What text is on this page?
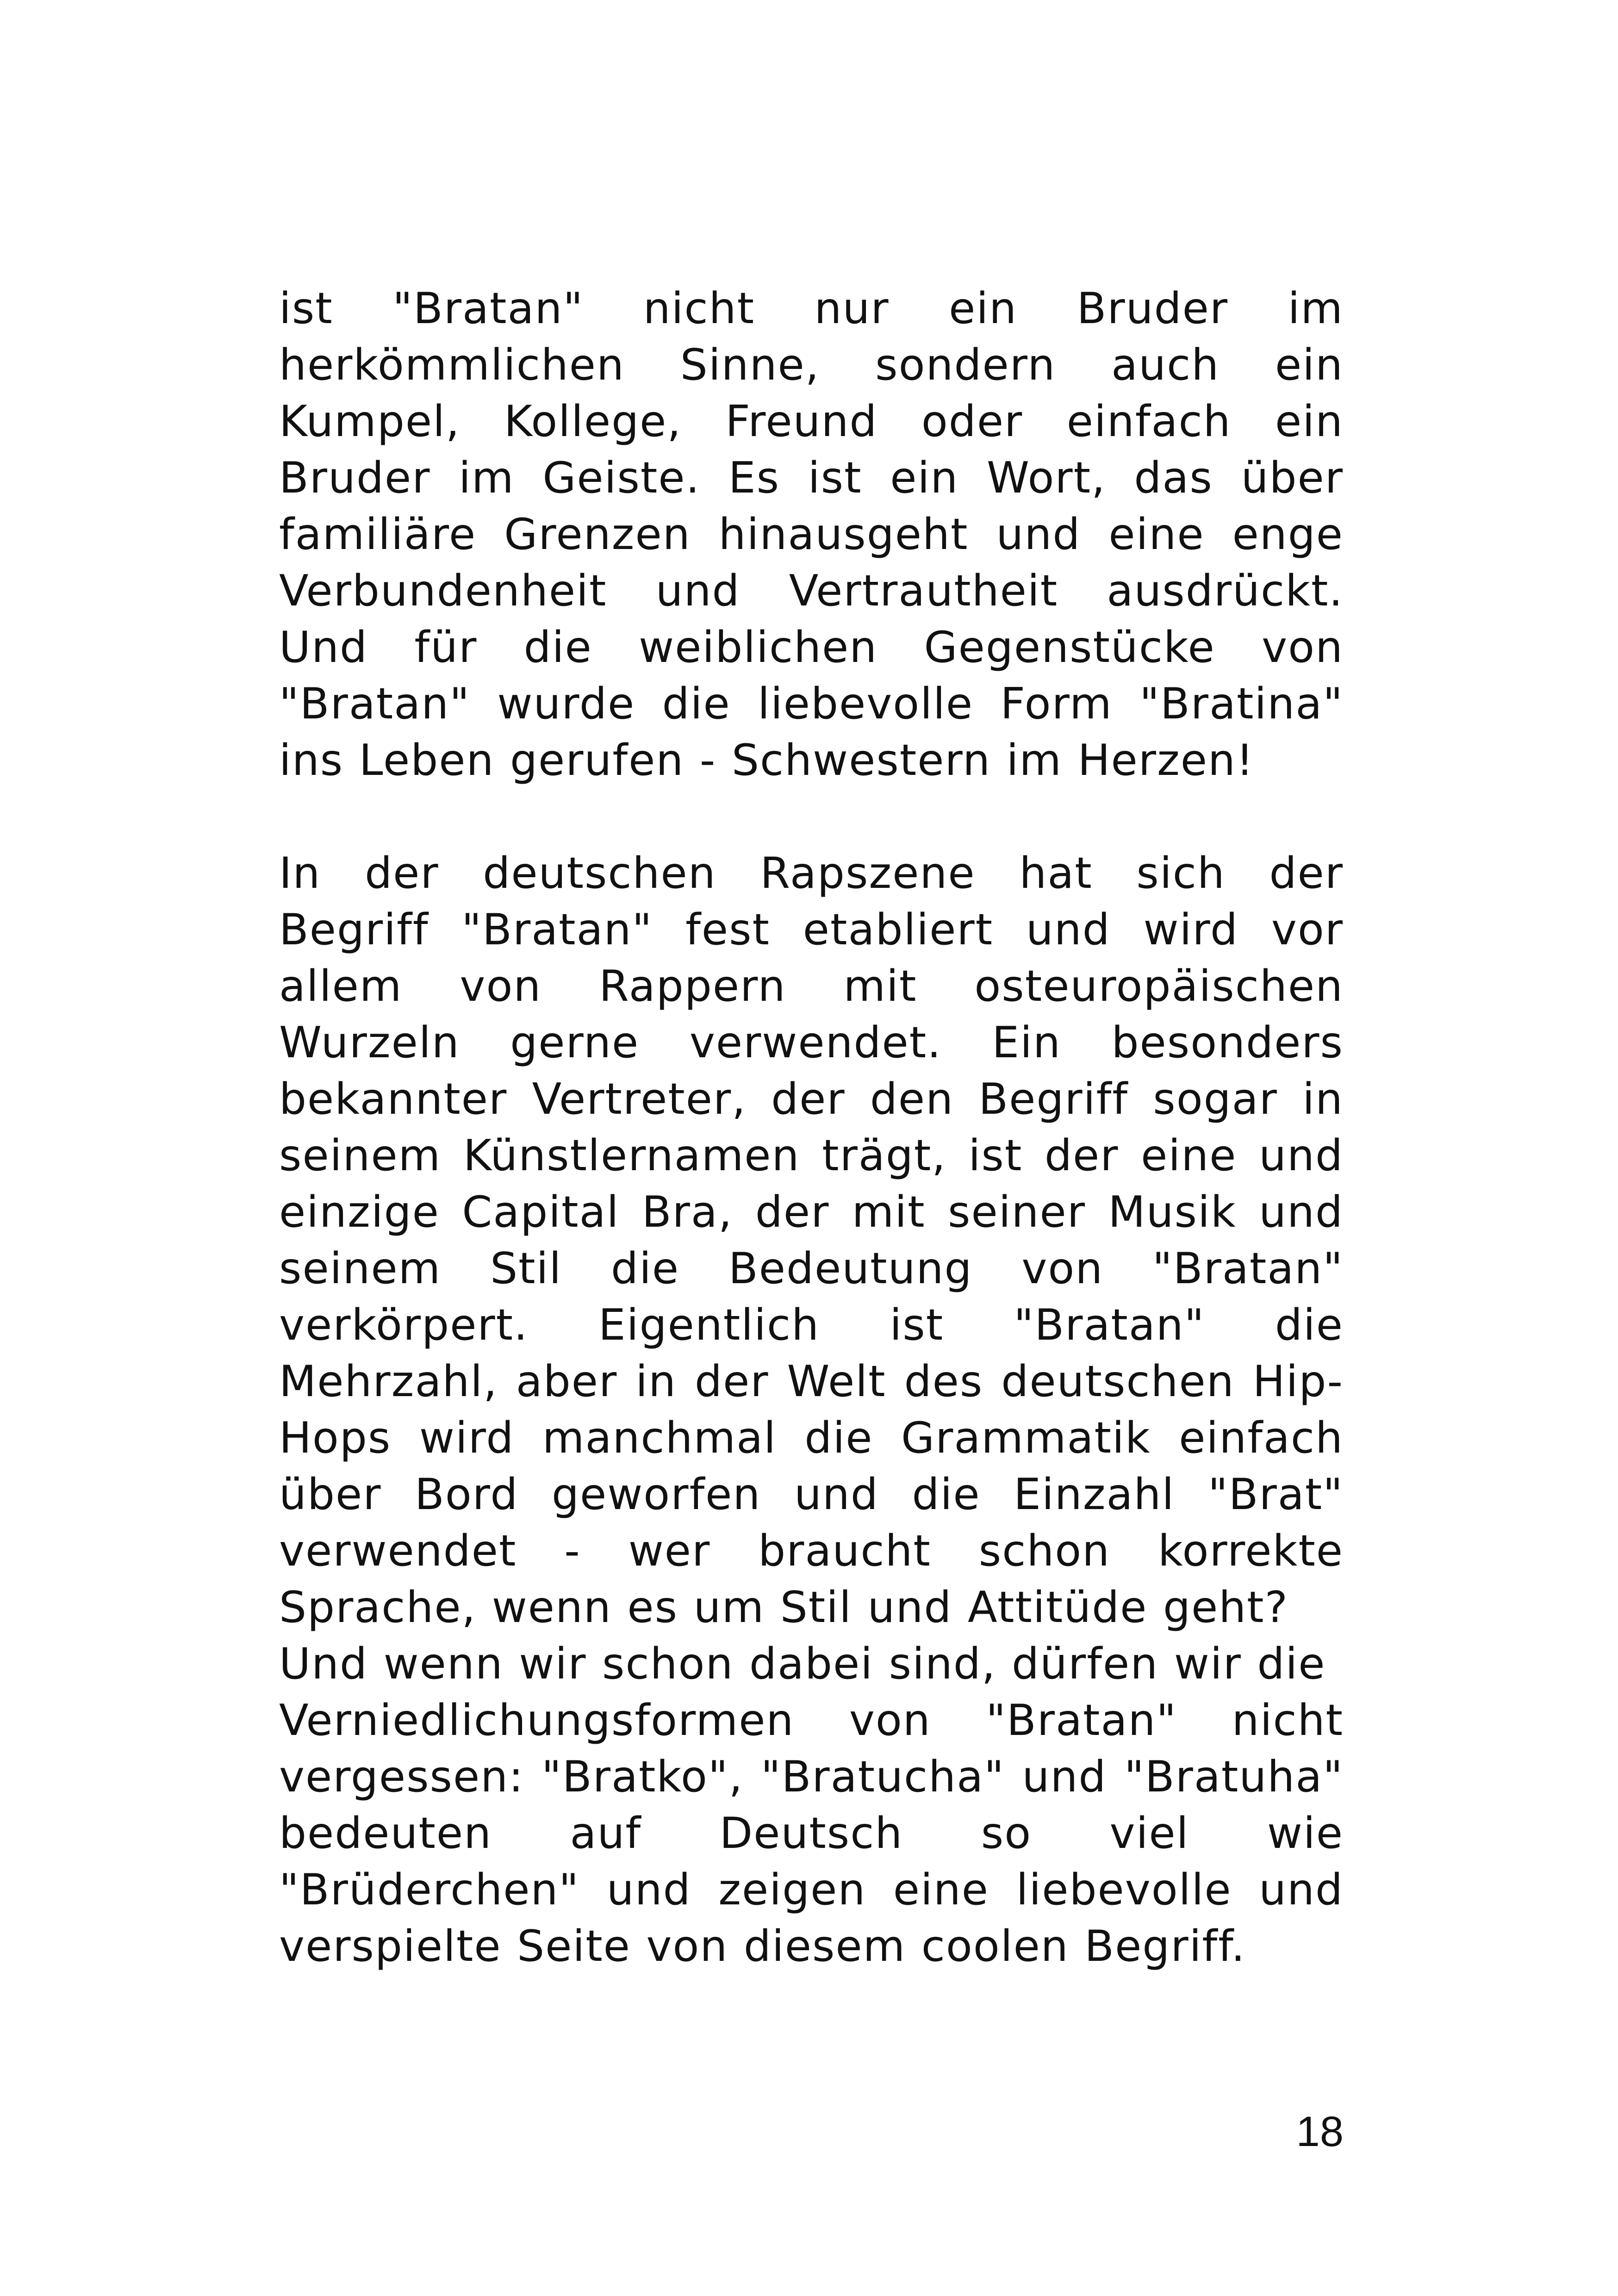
ist "Bratan" nicht nur ein Bruder im
herkömmlichen Sinne, sondern auch ein
Kumpel, Kollege, Freund oder einfach ein
Bruder im Geiste. Es ist ein Wort, das über
familiäre Grenzen hinausgeht und eine enge
Verbundenheit und Vertrautheit ausdrückt.
Und für die weiblichen Gegenstücke von
"Bratan" wurde die liebevolle Form "Bratina"
ins Leben gerufen - Schwestern im Herzen!
In der deutschen Rapszene hat sich der
Begriff "Bratan" fest etabliert und wird vor
allem von Rappern mit osteuropäischen
Wurzeln gerne verwendet. Ein besonders
bekannter Vertreter, der den Begriff sogar in
seinem Künstlernamen trägt, ist der eine und
einzige Capital Bra, der mit seiner Musik und
seinem Stil die Bedeutung von "Bratan"
verkörpert. Eigentlich ist "Bratan" die
Mehrzahl, aber in der Welt des deutschen Hip-
Hops wird manchmal die Grammatik einfach
über Bord geworfen und die Einzahl "Brat"
verwendet - wer braucht schon korrekte
Sprache, wenn es um Stil und Attitüde geht?
Und wenn wir schon dabei sind, dürfen wir die
Verniedlichungsformen von "Bratan" nicht
vergessen: "Bratko", "Bratucha" und "Bratuha"
bedeuten auf Deutsch so viel wie
"Brüderchen" und zeigen eine liebevolle und
verspielte Seite von diesem coolen Begriff.
18
